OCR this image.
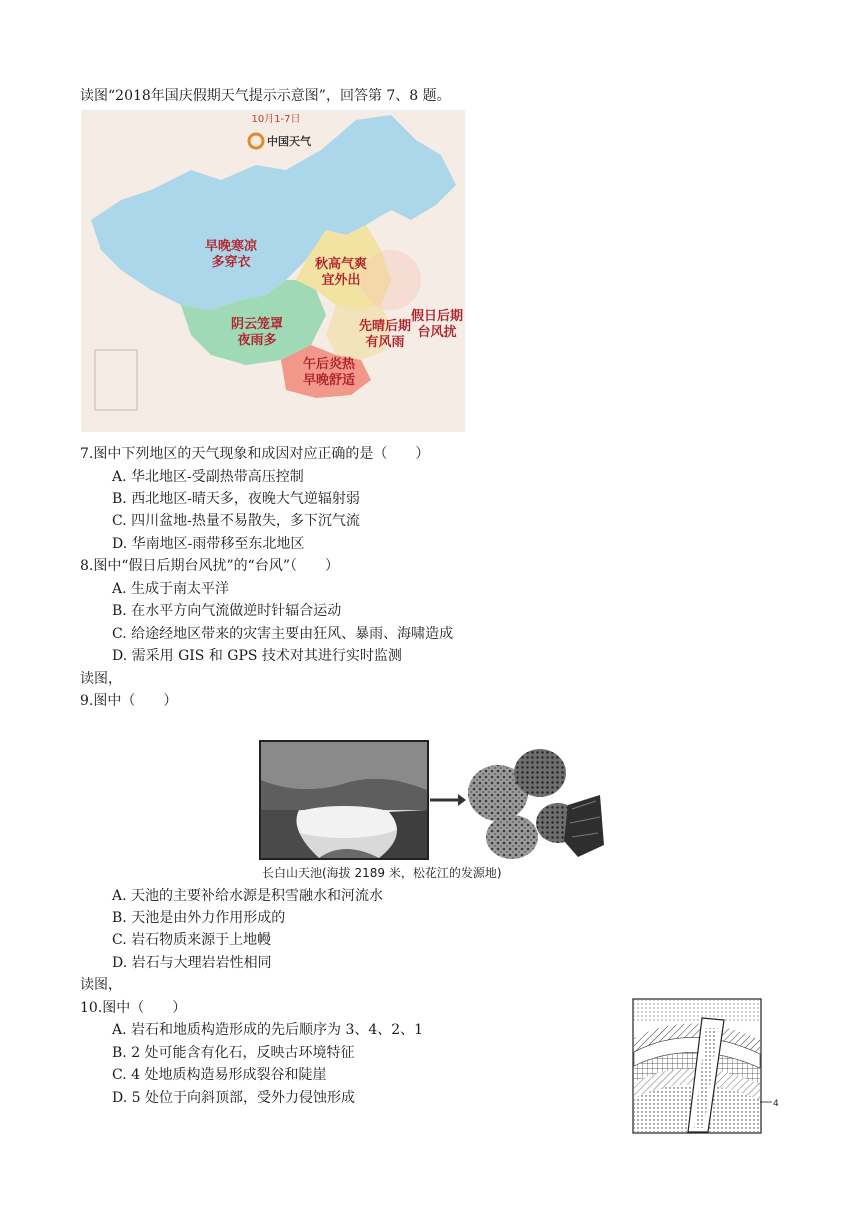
读图“2018年国庆假期天气提示示意图”，回答第 7、8 题。
早晚寒凉
多穿衣	秋高气爽
宜外出
阴云笼罩
夜雨多
先晴后期
有风雨
假日后期
台风扰
午后炎热
早晚舒适
10月1-7日
中国天气
7.图中下列地区的天气现象和成因对应正确的是（　　）
A. 华北地区-受副热带高压控制
B. 西北地区-晴天多，夜晚大气逆辐射弱
C. 四川盆地-热量不易散失，多下沉气流
D. 华南地区-雨带移至东北地区
8.图中“假日后期台风扰”的“台风”（　　）
A. 生成于南太平洋
B. 在水平方向气流做逆时针辐合运动
C. 给途经地区带来的灾害主要由狂风、暴雨、海啸造成
D. 需采用 GIS 和 GPS 技术对其进行实时监测
读图，
9.图中（　　）
长白山天池(海拔 2189 米，松花江的发源地)
A. 天池的主要补给水源是积雪融水和河流水
B. 天池是由外力作用形成的
C. 岩石物质来源于上地幔
D. 岩石与大理岩岩性相同
读图，
10.图中（　　）
A. 岩石和地质构造形成的先后顺序为 3、4、2、1
B. 2 处可能含有化石，反映古环境特征
C. 4 处地质构造易形成裂谷和陡崖
D. 5 处位于向斜顶部，受外力侵蚀形成	4
